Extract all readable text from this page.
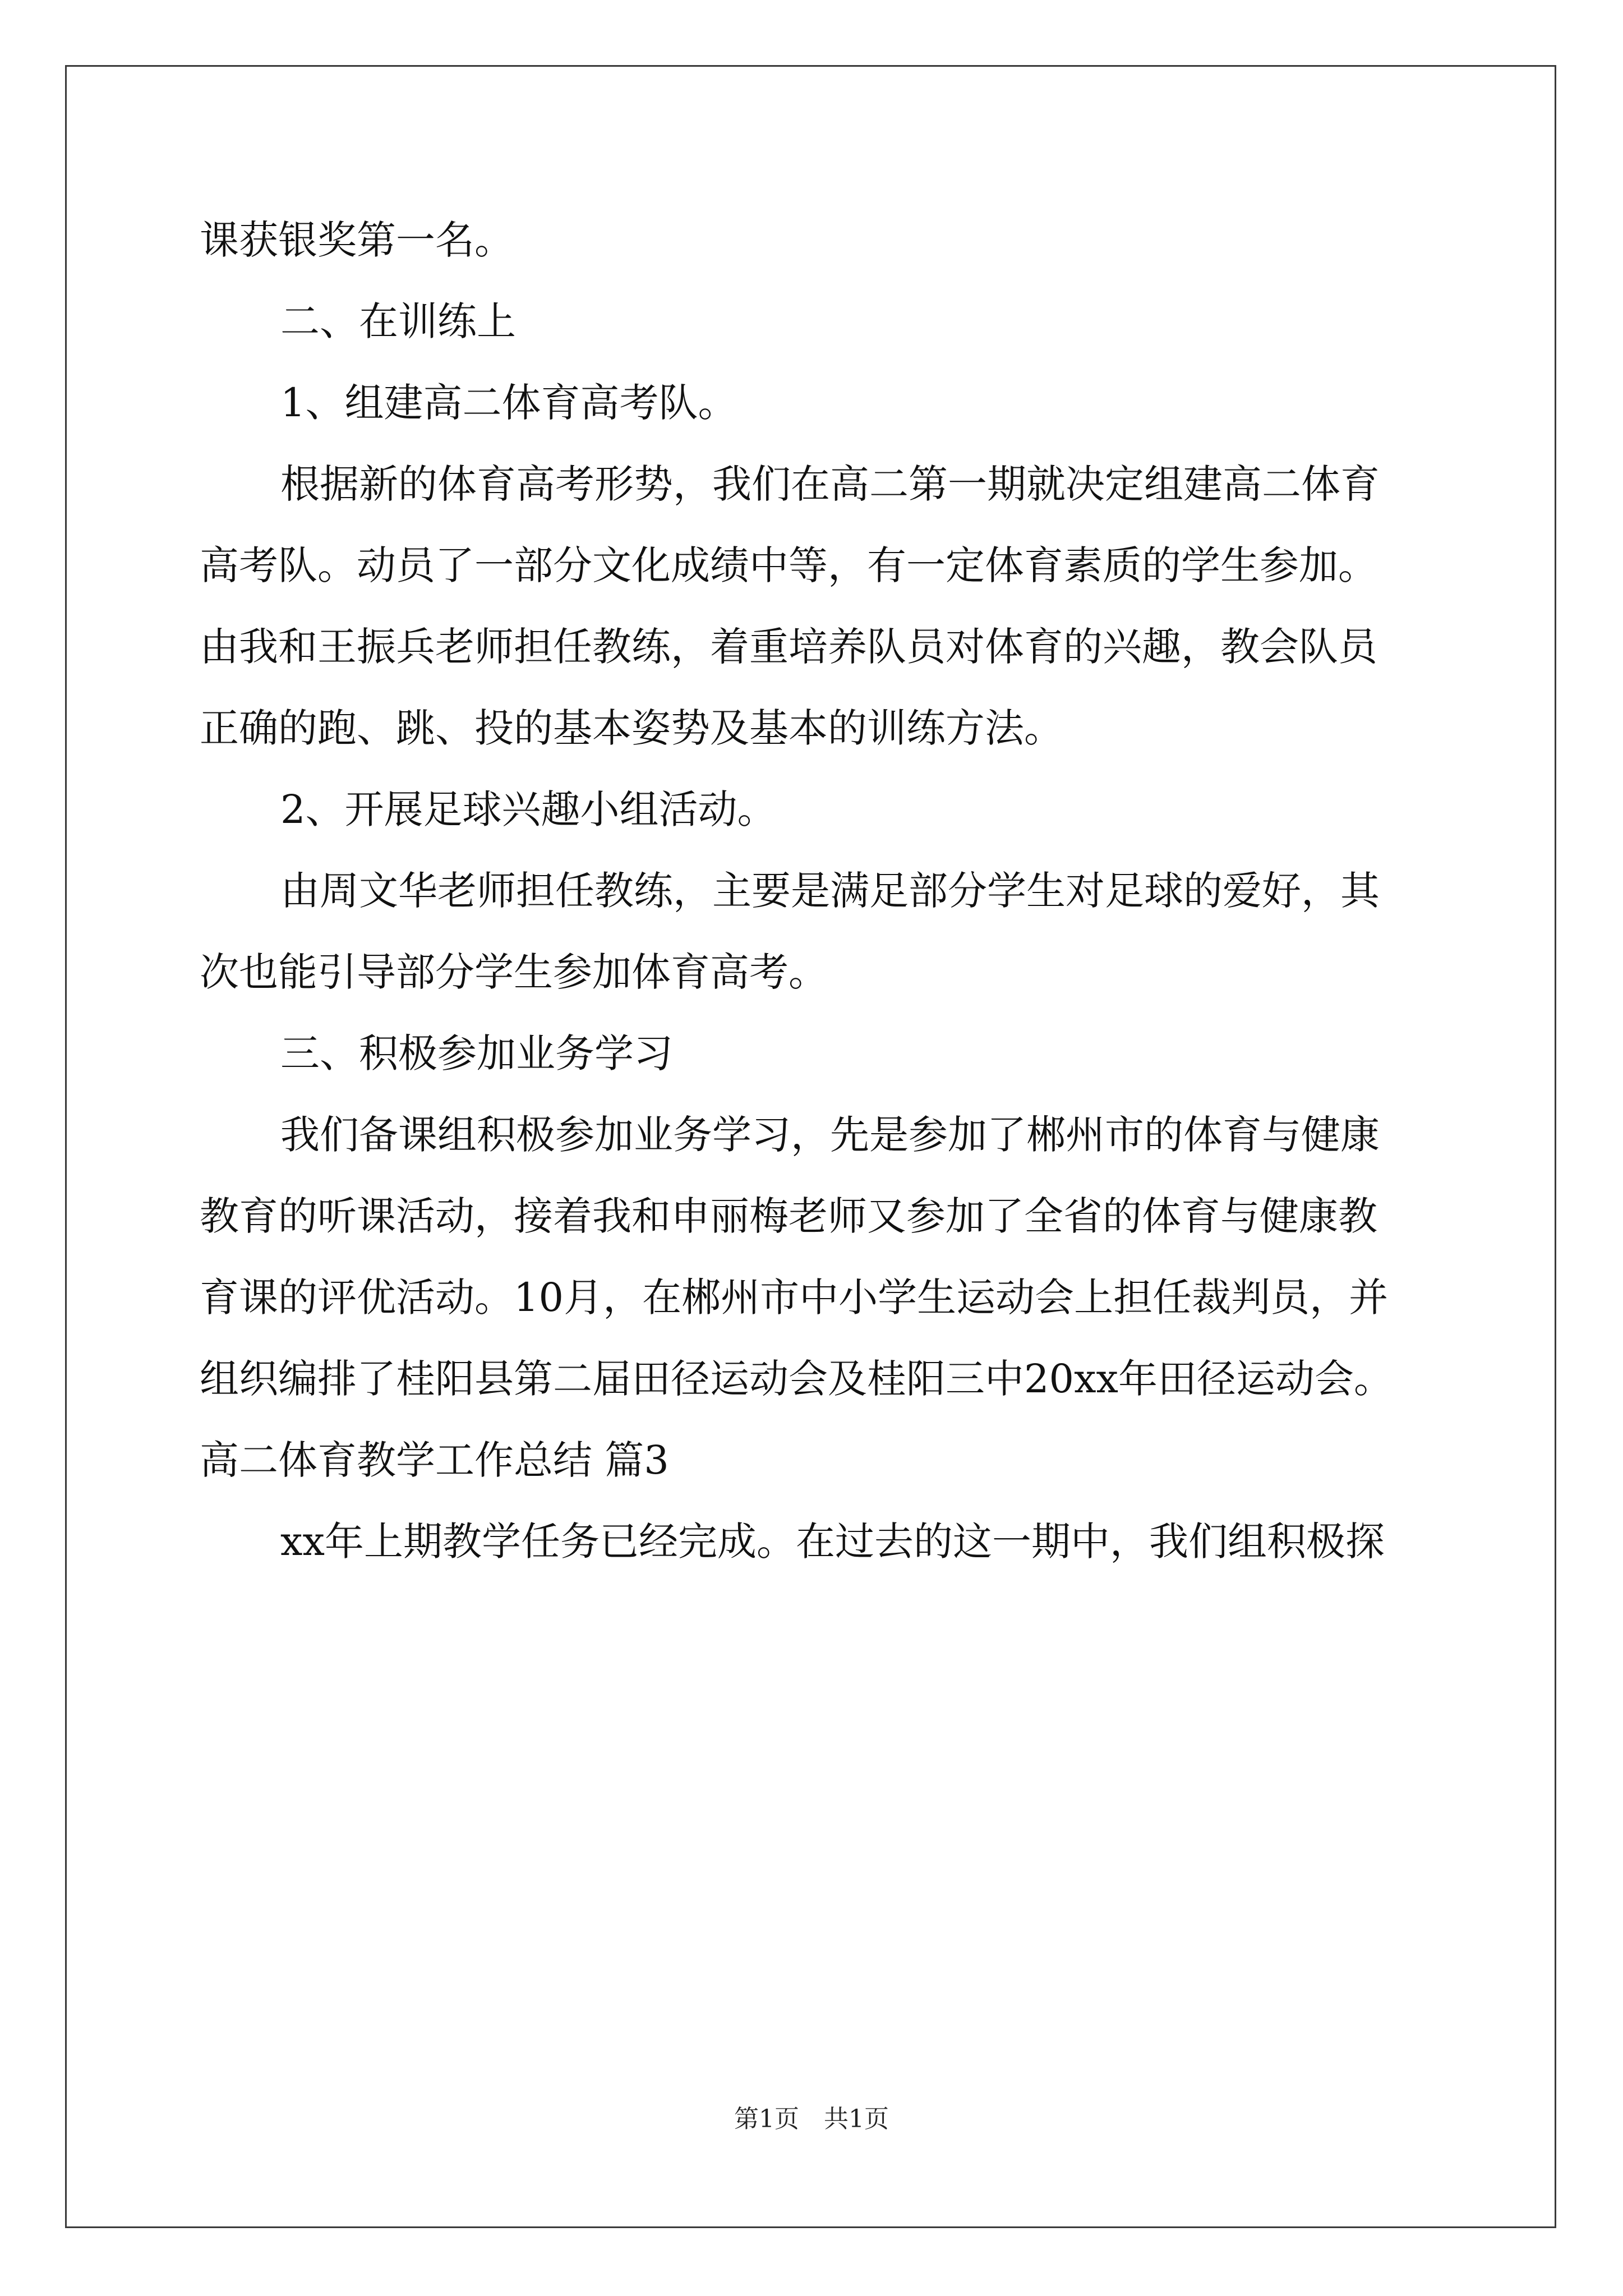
课获银奖第一名。
二、在训练上
1、组建高二体育高考队。
根据新的体育高考形势，我们在高二第一期就决定组建高二体育
高考队。动员了一部分文化成绩中等，有一定体育素质的学生参加。
由我和王振兵老师担任教练，着重培养队员对体育的兴趣，教会队员
正确的跑、跳、投的基本姿势及基本的训练方法。
2、开展足球兴趣小组活动。
由周文华老师担任教练，主要是满足部分学生对足球的爱好，其
次也能引导部分学生参加体育高考。
三、积极参加业务学习
我们备课组积极参加业务学习，先是参加了郴州市的体育与健康
教育的听课活动，接着我和申丽梅老师又参加了全省的体育与健康教
育课的评优活动。10月，在郴州市中小学生运动会上担任裁判员，并
组织编排了桂阳县第二届田径运动会及桂阳三中20xx年田径运动会。
高二体育教学工作总结 篇3
xx年上期教学任务已经完成。在过去的这一期中，我们组积极探
第1页 共1页
